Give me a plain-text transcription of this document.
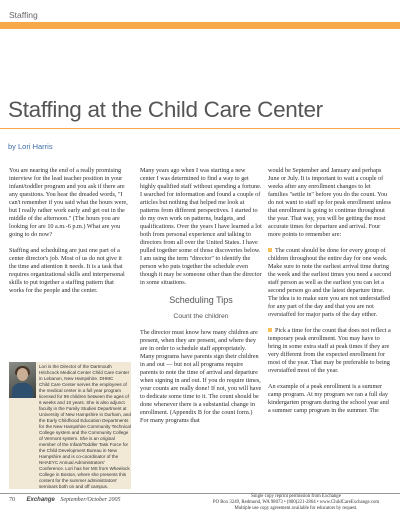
Staffing
Staffing at the Child Care Center
by Lori Harris

You are nearing the end of a really promising interview for the lead teacher position in your infant/toddler program and you ask if there are any questions. You hear the dreaded words, "I can't remember if you said what the hours were, but I really rather work early and get out in the middle of the afternoon." (The hours you are looking for are 10 a.m.-6 p.m.) What are you going to do now?

Staffing and scheduling are just one part of a center director's job. Most of us do not give it the time and attention it needs. It is a task that requires organizational skills and interpersonal skills to put together a staffing pattern that works for the people and the center.

Lori is the Director of the Dartmouth Hitchcock Medical Center Child Care Center in Lebanon, New Hampshire. DHMC
Child Care Center serves the employees of the medical center in a full year program licensed for 99 children between the ages of 6 weeks and 10 years. She is also adjunct faculty in the Family Studies Department at University of New Hampshire in Durham, and the Early Childhood Education Departments for the New Hampshire Community Technical College system and the Community College of Vermont system. She is an original member of the Infant/Toddler Task Force for the Child Development Bureau in New Hampshire and is co-coordinator of the NHAEYC Annual Administrators' Conference. Lori has her MS from Wheelock College in Boston, where she presents this content for the summer administrators' seminars both on and off campus.

Many years ago when I was starting a new center I was determined to find a way to get highly qualified staff without spending a fortune. I searched for information and found a couple of articles but nothing that helped me look at patterns from different perspectives. I started to do my own work on patterns, budgets, and qualifications. Over the years I have learned a lot both from personal experience and talking to directors from all over the United States. I have pulled together some of those discoveries below. I am using the term "director" to identify the person who puts together the schedule even though it may be someone other than the director in some situations.

Scheduling Tips
Count the children

The director must know how many children are present, when they are present, and where they are in order to schedule staff appropriately. Many programs have parents sign their children in and out — but not all programs require parents to note the time of arrival and departure when signing in and out. If you do require times, your counts are really done! If not, you will have to dedicate some time to it. The count should be done whenever there is a substantial change in enrollment. (Appendix B for the count form.) For many programs that

would be September and January and perhaps June or July. It is important to wait a couple of weeks after any enrollment changes to let families "settle in" before you do the count. You do not want to staff up for peak enrollment unless that enrollment is going to continue throughout the year. That way, you will be getting the most accurate times for departure and arrival. Four more points to remember are:

The count should be done for every group of children throughout the entire day for one week. Make sure to note the earliest arrival time during the week and the earliest times you need a second staff person as well as the earliest you can let a second person go and the latest departure time. The idea is to make sure you are not understaffed for any part of the day and that you are not overstaffed for major parts of the day either.

Pick a time for the count that does not reflect a temporary peak enrollment. You may have to bring in some extra staff at peak times if they are very different from the expected enrollment for most of the year. That may be preferable to being overstaffed most of the year.

An example of a peak enrollment is a summer camp program. At my program we ran a full day kindergarten program during the school year and a summer camp program in the summer. The

70 Exchange September/October 2005
Single copy reprint permission from Exchange
PO Box 3249, Redmond, WA 98073 • (800)221-2864 • www.ChildCareExchange.com
Multiple use copy agreement available for educators by request.
